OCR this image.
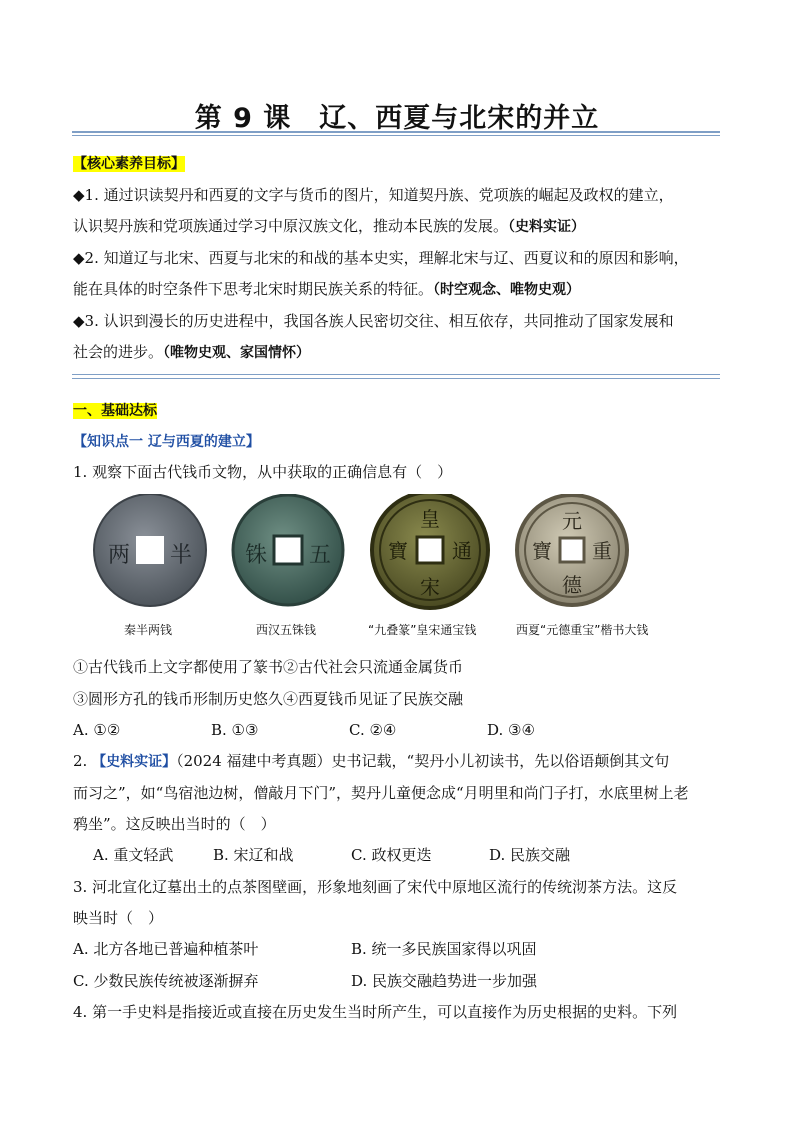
第 9 课　辽、西夏与北宋的并立
【核心素养目标】
◆1. 通过识读契丹和西夏的文字与货币的图片，知道契丹族、党项族的崛起及政权的建立，
认识契丹族和党项族通过学习中原汉族文化，推动本民族的发展。（史料实证）
◆2. 知道辽与北宋、西夏与北宋的和战的基本史实，理解北宋与辽、西夏议和的原因和影响，
能在具体的时空条件下思考北宋时期民族关系的特征。（时空观念、唯物史观）
◆3. 认识到漫长的历史进程中，我国各族人民密切交往、相互依存，共同推动了国家发展和
社会的进步。（唯物史观、家国情怀）
一、基础达标
【知识点一 辽与西夏的建立】
1. 观察下面古代钱币文物，从中获取的正确信息有（　）
两 半 铢 五
皇
宋
通
寶
元
德
重
寶
秦半两钱	西汉五铢钱	“九叠篆”皇宋通宝钱	西夏“元德重宝”楷书大钱
①古代钱币上文字都使用了篆书②古代社会只流通金属货币
③圆形方孔的钱币形制历史悠久④西夏钱币见证了民族交融
A. ①②	B. ①③	C. ②④	D. ③④
2. 【史料实证】（2024 福建中考真题）史书记载，“契丹小儿初读书，先以俗语颠倒其文句
而习之”，如“鸟宿池边树，僧敲月下门”，契丹儿童便念成“月明里和尚门子打，水底里树上老
鸦坐”。这反映出当时的（　）
A. 重文轻武	B. 宋辽和战	C. 政权更迭	D. 民族交融
3. 河北宣化辽墓出土的点茶图壁画，形象地刻画了宋代中原地区流行的传统沏茶方法。这反
映当时（　）
A. 北方各地已普遍种植茶叶	B. 统一多民族国家得以巩固
C. 少数民族传统被逐渐摒弃	D. 民族交融趋势进一步加强
4. 第一手史料是指接近或直接在历史发生当时所产生，可以直接作为历史根据的史料。下列
